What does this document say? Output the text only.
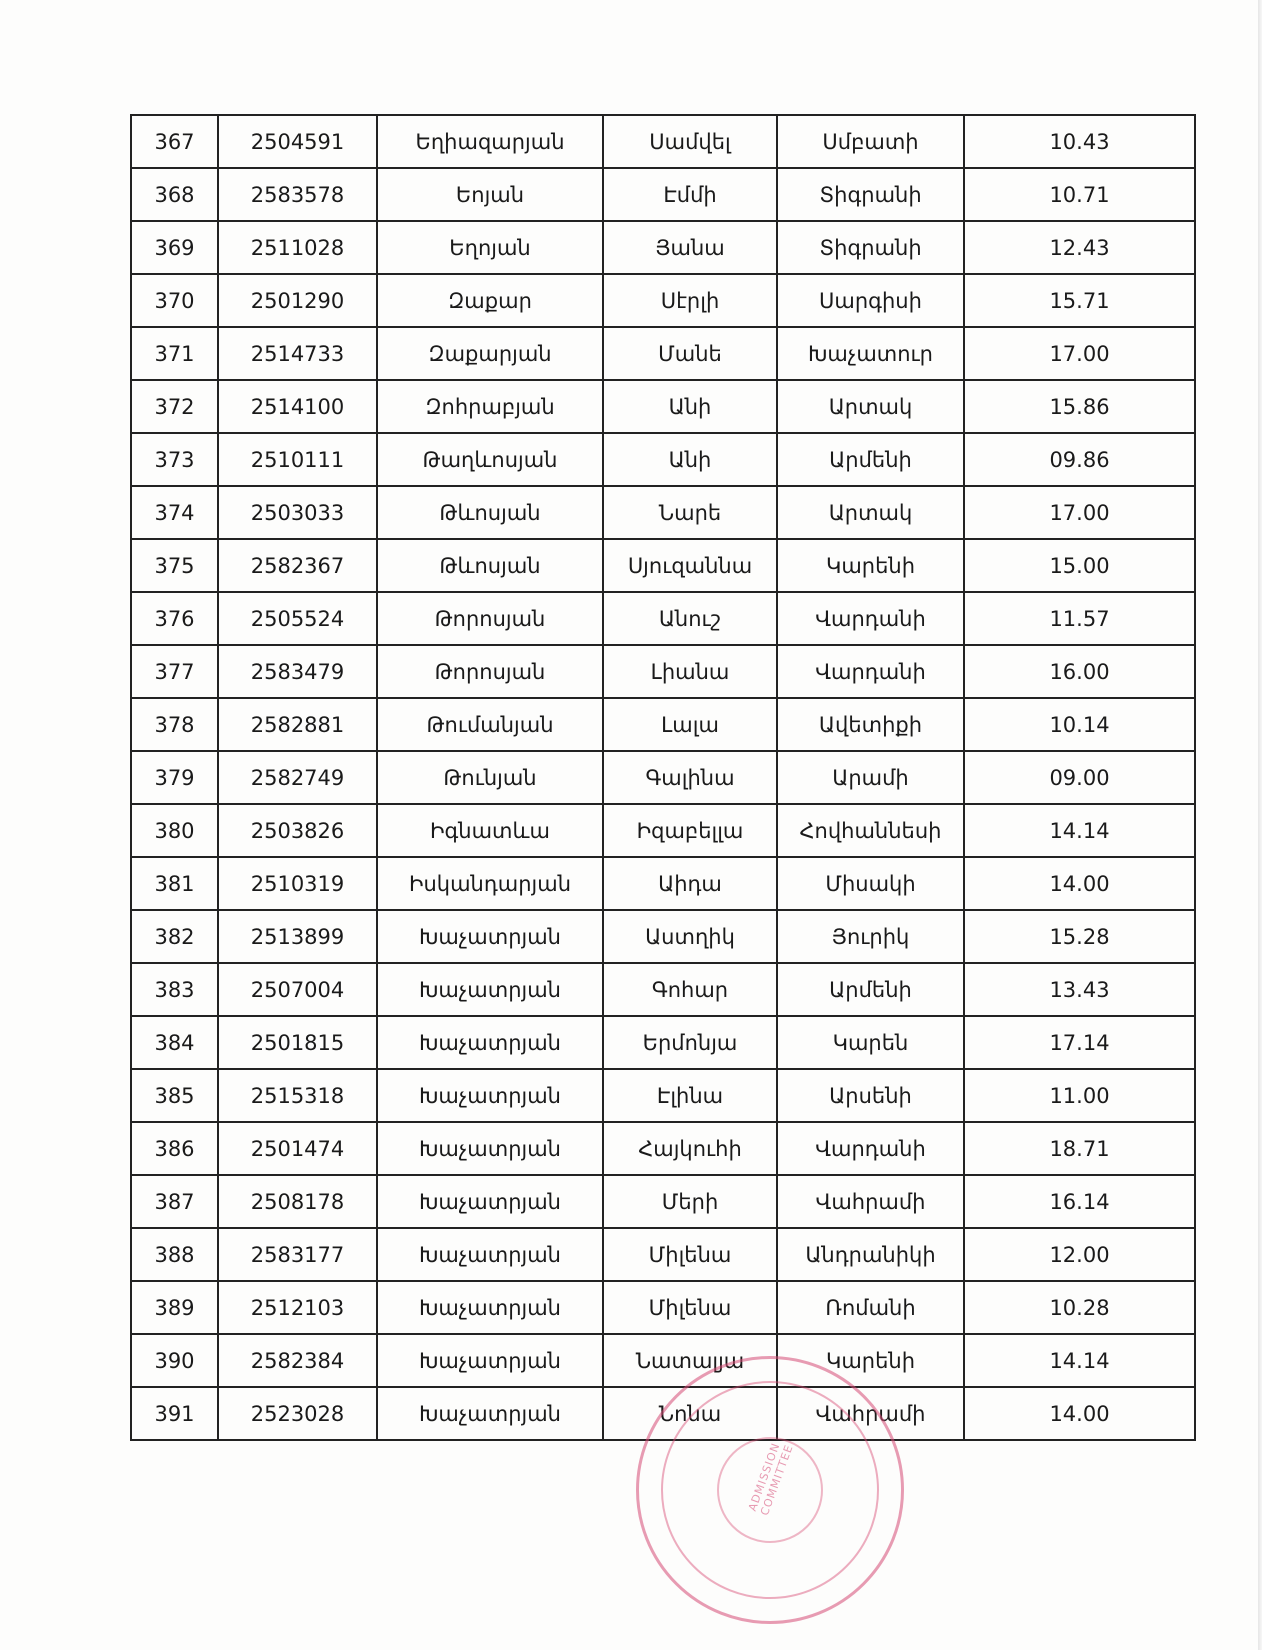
367	2504591	Եղիազարյան	Սամվել	Սմբատի	10.43
368	2583578	Եոյան	Էմմի	Տիգրանի	10.71
369	2511028	Եղոյան	Յանա	Տիգրանի	12.43
370	2501290	Զաքար	Սէրլի	Սարգիսի	15.71
371	2514733	Զաքարյան	Մանե	Խաչատուր	17.00
372	2514100	Զոհրաբյան	Անի	Արտակ	15.86
373	2510111	Թաղևոսյան	Անի	Արմենի	09.86
374	2503033	Թևոսյան	Նարե	Արտակ	17.00
375	2582367	Թևոսյան	Սյուզաննա	Կարենի	15.00
376	2505524	Թորոսյան	Անուշ	Վարդանի	11.57
377	2583479	Թորոսյան	Լիանա	Վարդանի	16.00
378	2582881	Թումանյան	Լալա	Ավետիքի	10.14
379	2582749	Թունյան	Գալինա	Արամի	09.00
380	2503826	Իգնատևա	Իզաբելլա	Հովհաննեսի	14.14
381	2510319	Իսկանդարյան	Աիդա	Միսակի	14.00
382	2513899	Խաչատրյան	Աստղիկ	Յուրիկ	15.28
383	2507004	Խաչատրյան	Գոհար	Արմենի	13.43
384	2501815	Խաչատրյան	Երմոնյա	Կարեն	17.14
385	2515318	Խաչատրյան	Էլինա	Արսենի	11.00
386	2501474	Խաչատրյան	Հայկուհի	Վարդանի	18.71
387	2508178	Խաչատրյան	Մերի	Վահրամի	16.14
388	2583177	Խաչատրյան	Միլենա	Անդրանիկի	12.00
389	2512103	Խաչատրյան	Միլենա	Ռոմանի	10.28
390	2582384	Խաչատրյան	Նատալյա	Կարենի	14.14
391	2523028	Խաչատրյան	Նոնա	Վահրամի	14.00
ADMISSION COMMITTEE
